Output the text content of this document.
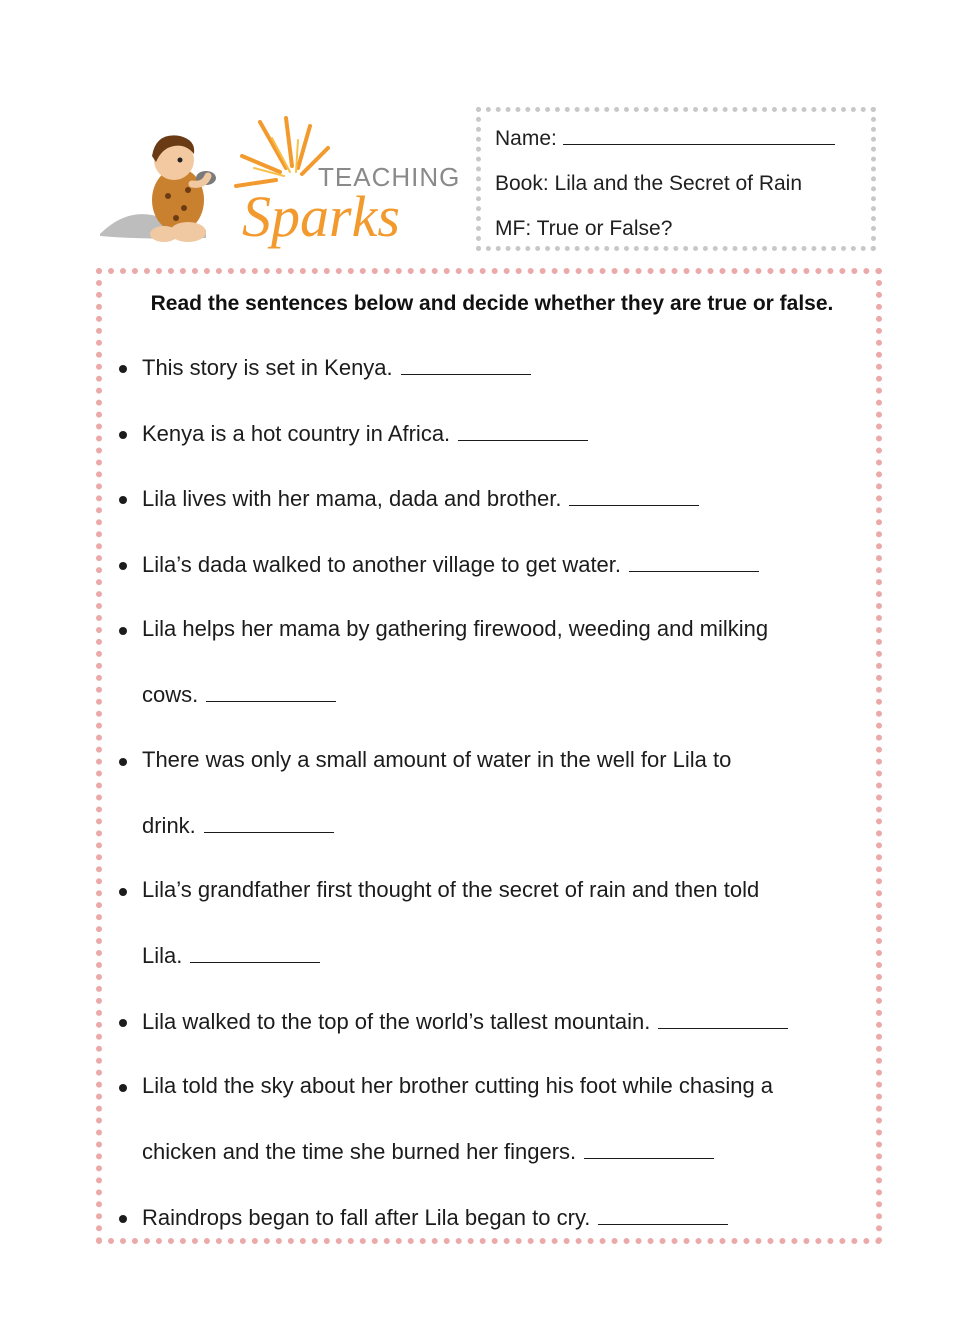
TEACHING
Sparks
Name:
Book: Lila and the Secret of Rain
MF: True or False?
Read the sentences below and decide whether they are true or false.
This story is set in Kenya.
Kenya is a hot country in Africa.
Lila lives with her mama, dada and brother.
Lila’s dada walked to another village to get water.
Lila helps her mama by gathering firewood, weeding and milking
cows.
There was only a small amount of water in the well for Lila to
drink.
Lila’s grandfather first thought of the secret of rain and then told
Lila.
Lila walked to the top of the world’s tallest mountain.
Lila told the sky about her brother cutting his foot while chasing a
chicken and the time she burned her fingers.
Raindrops began to fall after Lila began to cry.
